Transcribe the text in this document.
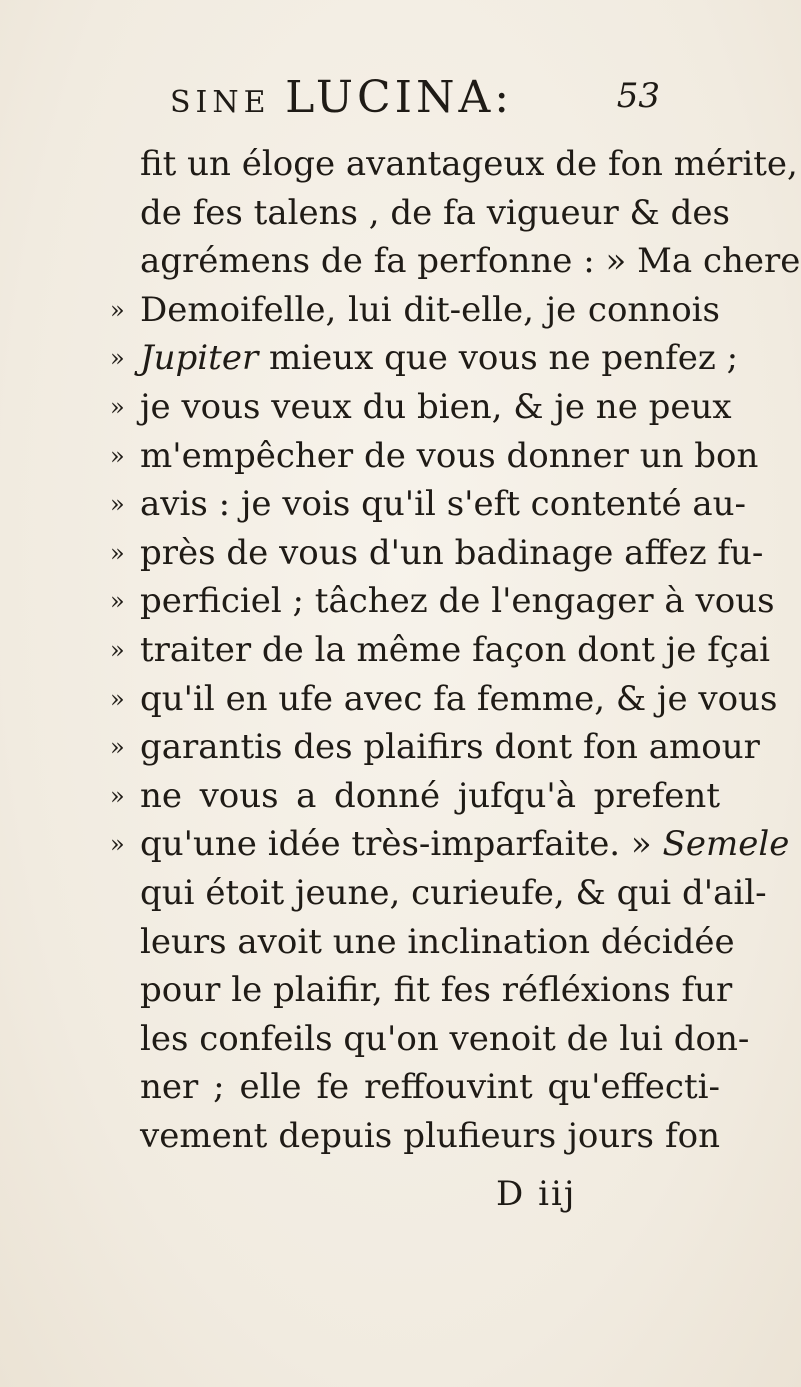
SINE LUCINA:	53
fit un éloge avantageux de fon mérite,
de fes talens , de fa vigueur & des
agrémens de fa perfonne : » Ma chere
» Demoifelle, lui dit-elle, je connois
» Jupiter mieux que vous ne penfez ;
» je vous veux du bien, & je ne peux
» m'empêcher de vous donner un bon
» avis : je vois qu'il s'eft contenté au-
» près de vous d'un badinage affez fu-
» perficiel ; tâchez de l'engager à vous
» traiter de la même façon dont je fçai
» qu'il en ufe avec fa femme, & je vous
» garantis des plaifirs dont fon amour
» ne vous a donné jufqu'à prefent
» qu'une idée très-imparfaite. » Semele
qui étoit jeune, curieufe, & qui d'ail-
leurs avoit une inclination décidée
pour le plaifir, fit fes réfléxions fur
les confeils qu'on venoit de lui don-
ner ; elle fe reffouvint qu'effecti-
vement depuis plufieurs jours fon
D iij
